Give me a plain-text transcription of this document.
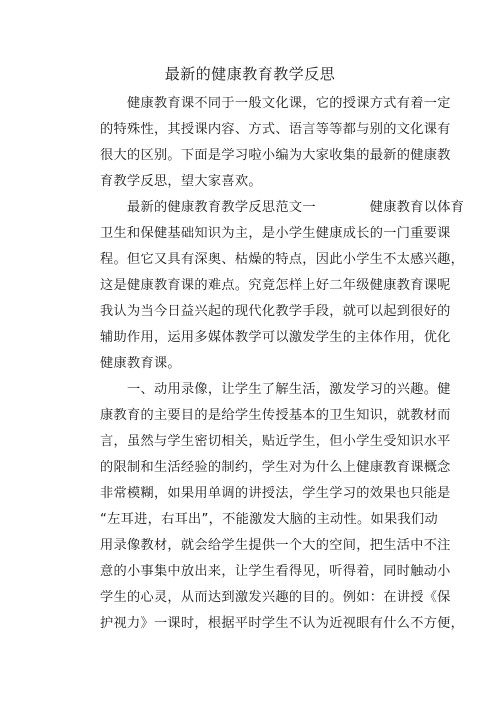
最新的健康教育教学反思
健康教育课不同于一般文化课，它的授课方式有着一定
的特殊性，其授课内容、方式、语言等等都与别的文化课有
很大的区别。下面是学习啦小编为大家收集的最新的健康教
育教学反思，望大家喜欢。
最新的健康教育教学反思范文一　　　　健康教育以体育
卫生和保健基础知识为主，是小学生健康成长的一门重要课
程。但它又具有深奥、枯燥的特点，因此小学生不太感兴趣，
这是健康教育课的难点。究竟怎样上好二年级健康教育课呢
我认为当今日益兴起的现代化教学手段，就可以起到很好的
辅助作用，运用多媒体教学可以激发学生的主体作用，优化
健康教育课。
一、动用录像，让学生了解生活，激发学习的兴趣。健
康教育的主要目的是给学生传授基本的卫生知识，就教材而
言，虽然与学生密切相关，贴近学生，但小学生受知识水平
的限制和生活经验的制约，学生对为什么上健康教育课概念
非常模糊，如果用单调的讲授法，学生学习的效果也只能是
“左耳进，右耳出”，不能激发大脑的主动性。如果我们动
用录像教材，就会给学生提供一个大的空间，把生活中不注
意的小事集中放出来，让学生看得见，听得着，同时触动小
学生的心灵，从而达到激发兴趣的目的。例如：在讲授《保
护视力》一课时，根据平时学生不认为近视眼有什么不方便，
